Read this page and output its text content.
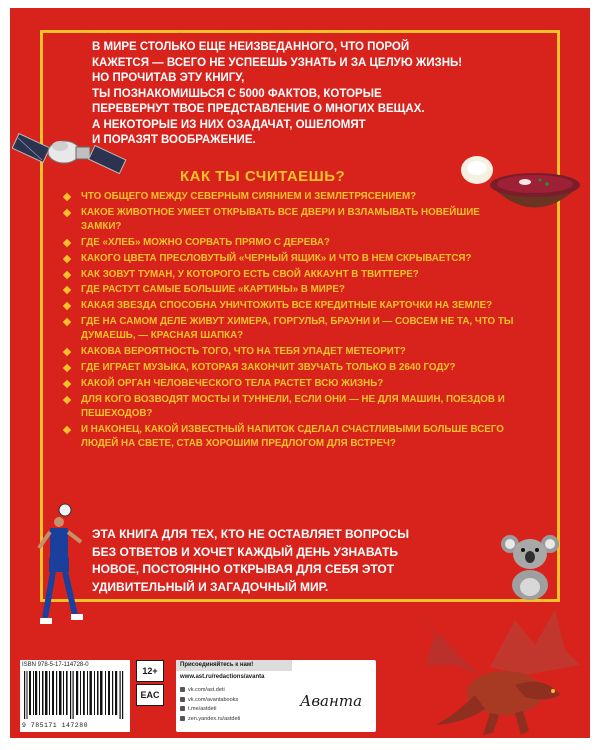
В МИРЕ СТОЛЬКО ЕЩЕ НЕИЗВЕДАННОГО, ЧТО ПОРОЙ
КАЖЕТСЯ — ВСЕГО НЕ УСПЕЕШЬ УЗНАТЬ И ЗА ЦЕЛУЮ ЖИЗНЬ!
НО ПРОЧИТАВ ЭТУ КНИГУ,
ТЫ ПОЗНАКОМИШЬСЯ С 5000 ФАКТОВ, КОТОРЫЕ
ПЕРЕВЕРНУТ ТВОЕ ПРЕДСТАВЛЕНИЕ О МНОГИХ ВЕЩАХ.
А НЕКОТОРЫЕ ИЗ НИХ ОЗАДАЧАТ, ОШЕЛОМЯТ
И ПОРАЗЯТ ВООБРАЖЕНИЕ.
КАК ТЫ СЧИТАЕШЬ?
ЧТО ОБЩЕГО МЕЖДУ СЕВЕРНЫМ СИЯНИЕМ И ЗЕМЛЕТРЯСЕНИЕМ?
КАКОЕ ЖИВОТНОЕ УМЕЕТ ОТКРЫВАТЬ ВСЕ ДВЕРИ И ВЗЛАМЫВАТЬ НОВЕЙШИЕ ЗАМКИ?
ГДЕ «ХЛЕБ» МОЖНО СОРВАТЬ ПРЯМО С ДЕРЕВА?
КАКОГО ЦВЕТА ПРЕСЛОВУТЫЙ «ЧЕРНЫЙ ЯЩИК» И ЧТО В НЕМ СКРЫВАЕТСЯ?
КАК ЗОВУТ ТУМАН, У КОТОРОГО ЕСТЬ СВОЙ АККАУНТ В ТВИТТЕРЕ?
ГДЕ РАСТУТ САМЫЕ БОЛЬШИЕ «КАРТИНЫ» В МИРЕ?
КАКАЯ ЗВЕЗДА СПОСОБНА УНИЧТОЖИТЬ ВСЕ КРЕДИТНЫЕ КАРТОЧКИ НА ЗЕМЛЕ?
ГДЕ НА САМОМ ДЕЛЕ ЖИВУТ ХИМЕРА, ГОРГУЛЬЯ, БРАУНИ И — СОВСЕМ НЕ ТА, ЧТО ТЫ ДУМАЕШЬ, — КРАСНАЯ ШАПКА?
КАКОВА ВЕРОЯТНОСТЬ ТОГО, ЧТО НА ТЕБЯ УПАДЕТ МЕТЕОРИТ?
ГДЕ ИГРАЕТ МУЗЫКА, КОТОРАЯ ЗАКОНЧИТ ЗВУЧАТЬ ТОЛЬКО В 2640 ГОДУ?
КАКОЙ ОРГАН ЧЕЛОВЕЧЕСКОГО ТЕЛА РАСТЕТ ВСЮ ЖИЗНЬ?
ДЛЯ КОГО ВОЗВОДЯТ МОСТЫ И ТУННЕЛИ, ЕСЛИ ОНИ — НЕ ДЛЯ МАШИН, ПОЕЗДОВ И ПЕШЕХОДОВ?
И НАКОНЕЦ, КАКОЙ ИЗВЕСТНЫЙ НАПИТОК СДЕЛАЛ СЧАСТЛИВЫМИ БОЛЬШЕ ВСЕГО ЛЮДЕЙ НА СВЕТЕ, СТАВ ХОРОШИМ ПРЕДЛОГОМ ДЛЯ ВСТРЕЧ?
ЭТА КНИГА ДЛЯ ТЕХ, КТО НЕ ОСТАВЛЯЕТ ВОПРОСЫ
БЕЗ ОТВЕТОВ И ХОЧЕТ КАЖДЫЙ ДЕНЬ УЗНАВАТЬ
НОВОЕ, ПОСТОЯННО ОТКРЫВАЯ ДЛЯ СЕБЯ ЭТОТ
УДИВИТЕЛЬНЫЙ И ЗАГАДОЧНЫЙ МИР.
ISBN 978-5-17-114728-0
9 785171 147280
12+
EAC
Присоединяйтесь к нам!
www.ast.ru/redactions/avanta
vk.com/ast.deti
vk.com/avantabooks
t.me/astdeti
zen.yandex.ru/astdeti
Аванта
